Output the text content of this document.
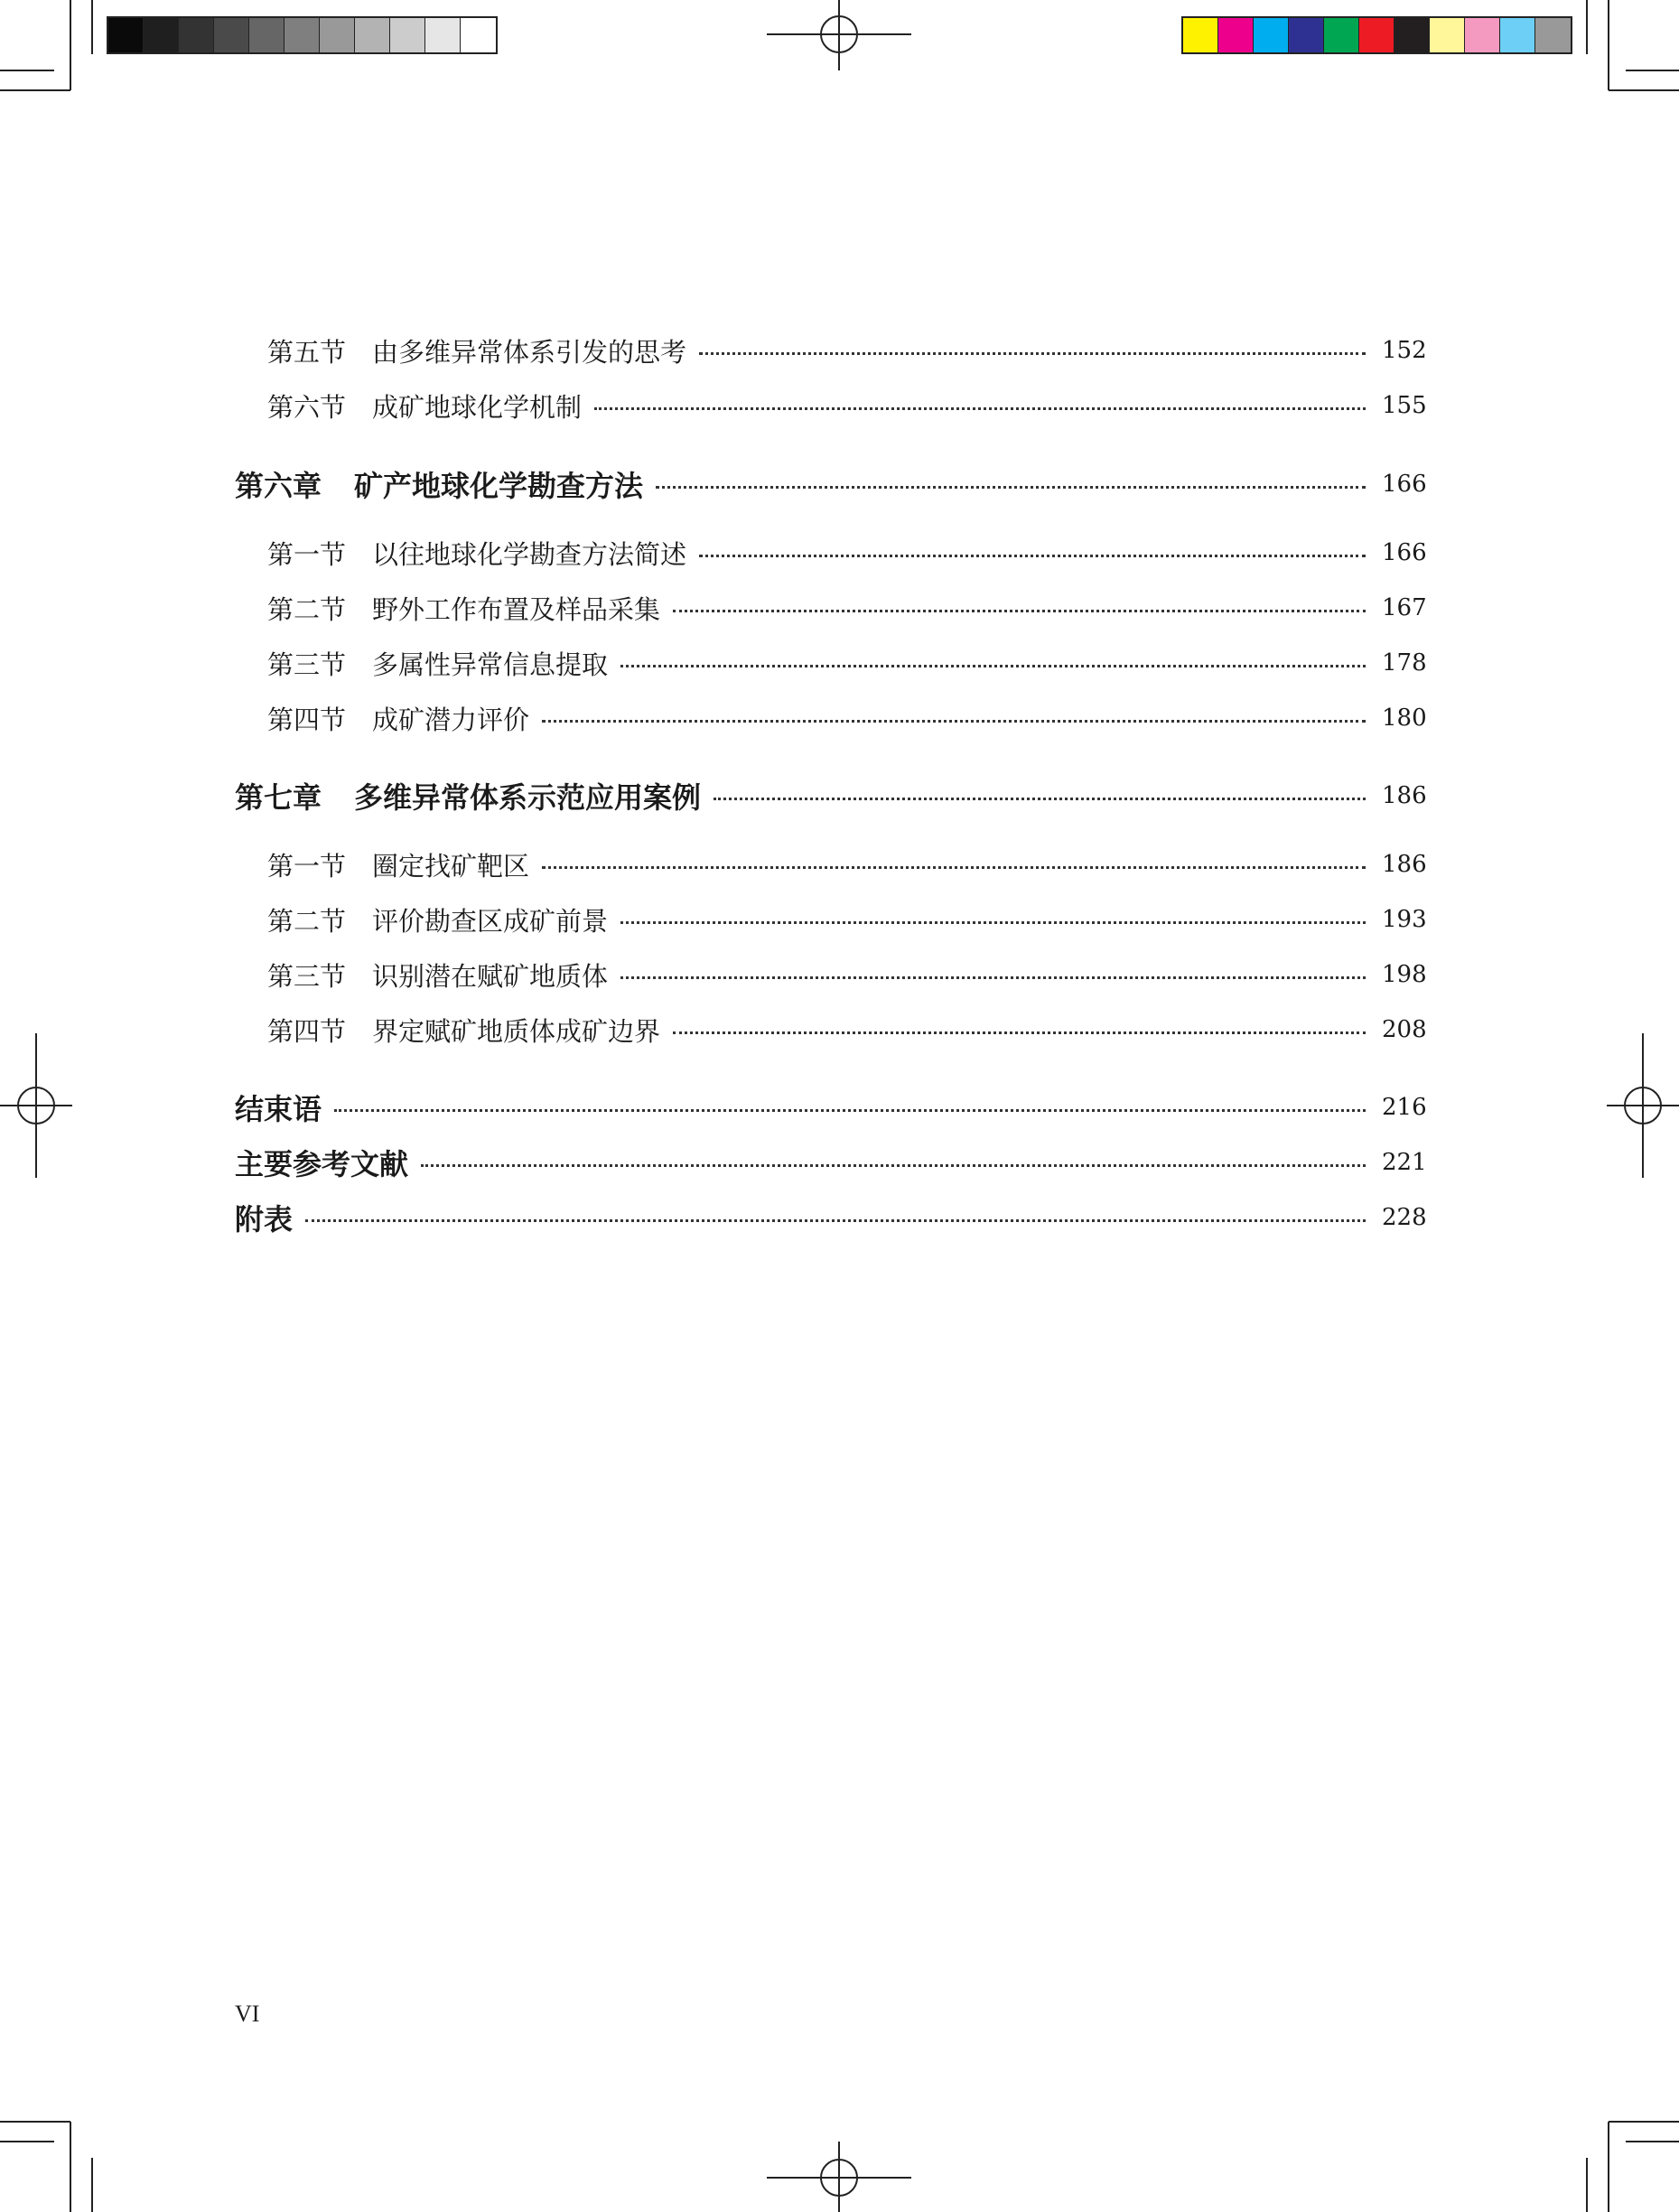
第五节 由多维异常体系引发的思考	152
第六节 成矿地球化学机制	155
第六章 矿产地球化学勘查方法	166
第一节 以往地球化学勘查方法简述	166
第二节 野外工作布置及样品采集	167
第三节 多属性异常信息提取	178
第四节 成矿潜力评价	180
第七章 多维异常体系示范应用案例	186
第一节 圈定找矿靶区	186
第二节 评价勘查区成矿前景	193
第三节 识别潜在赋矿地质体	198
第四节 界定赋矿地质体成矿边界	208
结束语	216
主要参考文献	221
附表	228
VI
